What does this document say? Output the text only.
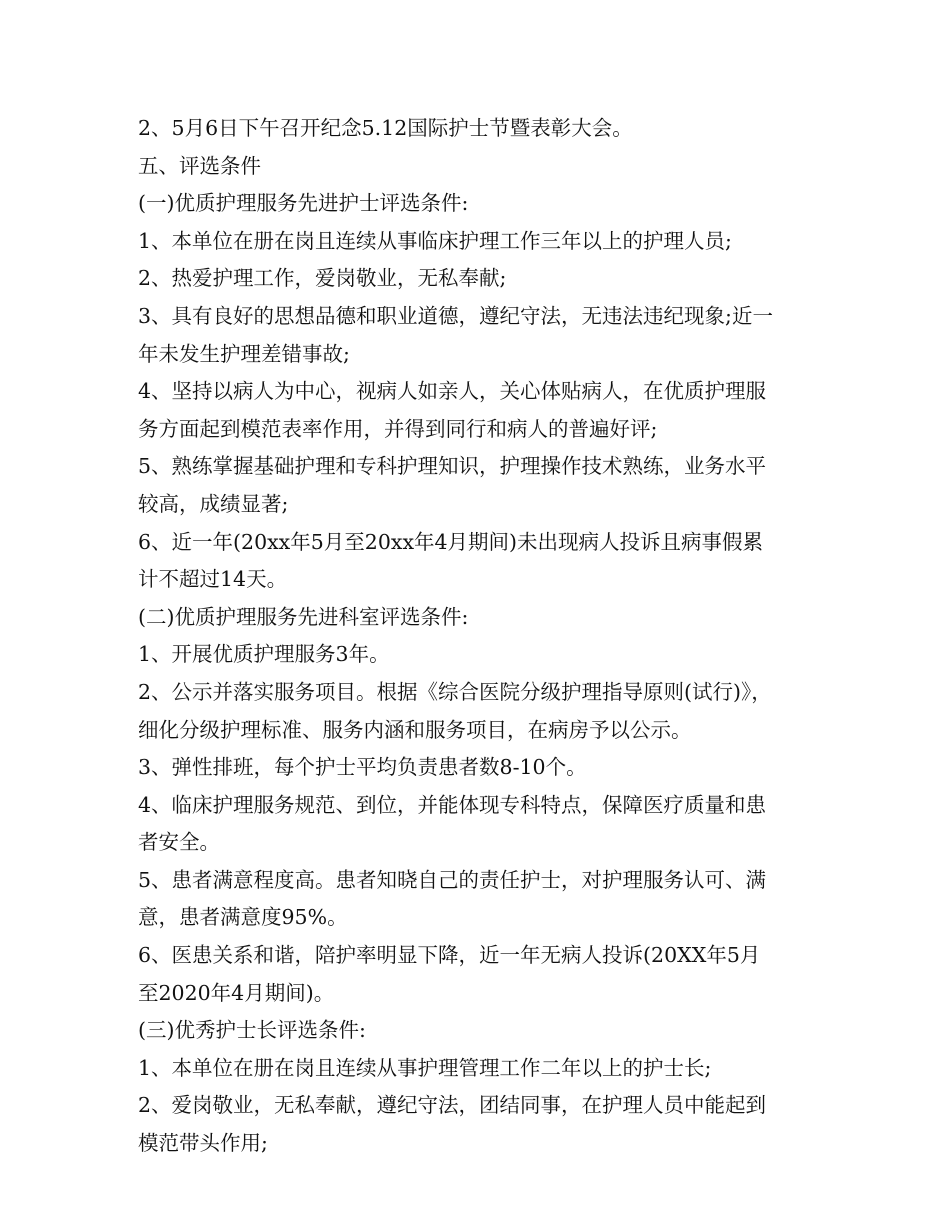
2、5月6日下午召开纪念5.12国际护士节暨表彰大会。

五、评选条件

(一)优质护理服务先进护士评选条件:

1、本单位在册在岗且连续从事临床护理工作三年以上的护理人员;

2、热爱护理工作，爱岗敬业，无私奉献;

3、具有良好的思想品德和职业道德，遵纪守法，无违法违纪现象;近一

年未发生护理差错事故;

4、坚持以病人为中心，视病人如亲人，关心体贴病人，在优质护理服

务方面起到模范表率作用，并得到同行和病人的普遍好评;

5、熟练掌握基础护理和专科护理知识，护理操作技术熟练，业务水平

较高，成绩显著;

6、近一年(20xx年5月至20xx年4月期间)未出现病人投诉且病事假累

计不超过14天。

(二)优质护理服务先进科室评选条件:

1、开展优质护理服务3年。

2、公示并落实服务项目。根据《综合医院分级护理指导原则(试行)》，

细化分级护理标准、服务内涵和服务项目，在病房予以公示。

3、弹性排班，每个护士平均负责患者数8-10个。

4、临床护理服务规范、到位，并能体现专科特点，保障医疗质量和患

者安全。

5、患者满意程度高。患者知晓自己的责任护士，对护理服务认可、满

意，患者满意度95%。

6、医患关系和谐，陪护率明显下降，近一年无病人投诉(20XX年5月

至2020年4月期间)。

(三)优秀护士长评选条件:

1、本单位在册在岗且连续从事护理管理工作二年以上的护士长;

2、爱岗敬业，无私奉献，遵纪守法，团结同事，在护理人员中能起到

模范带头作用;
